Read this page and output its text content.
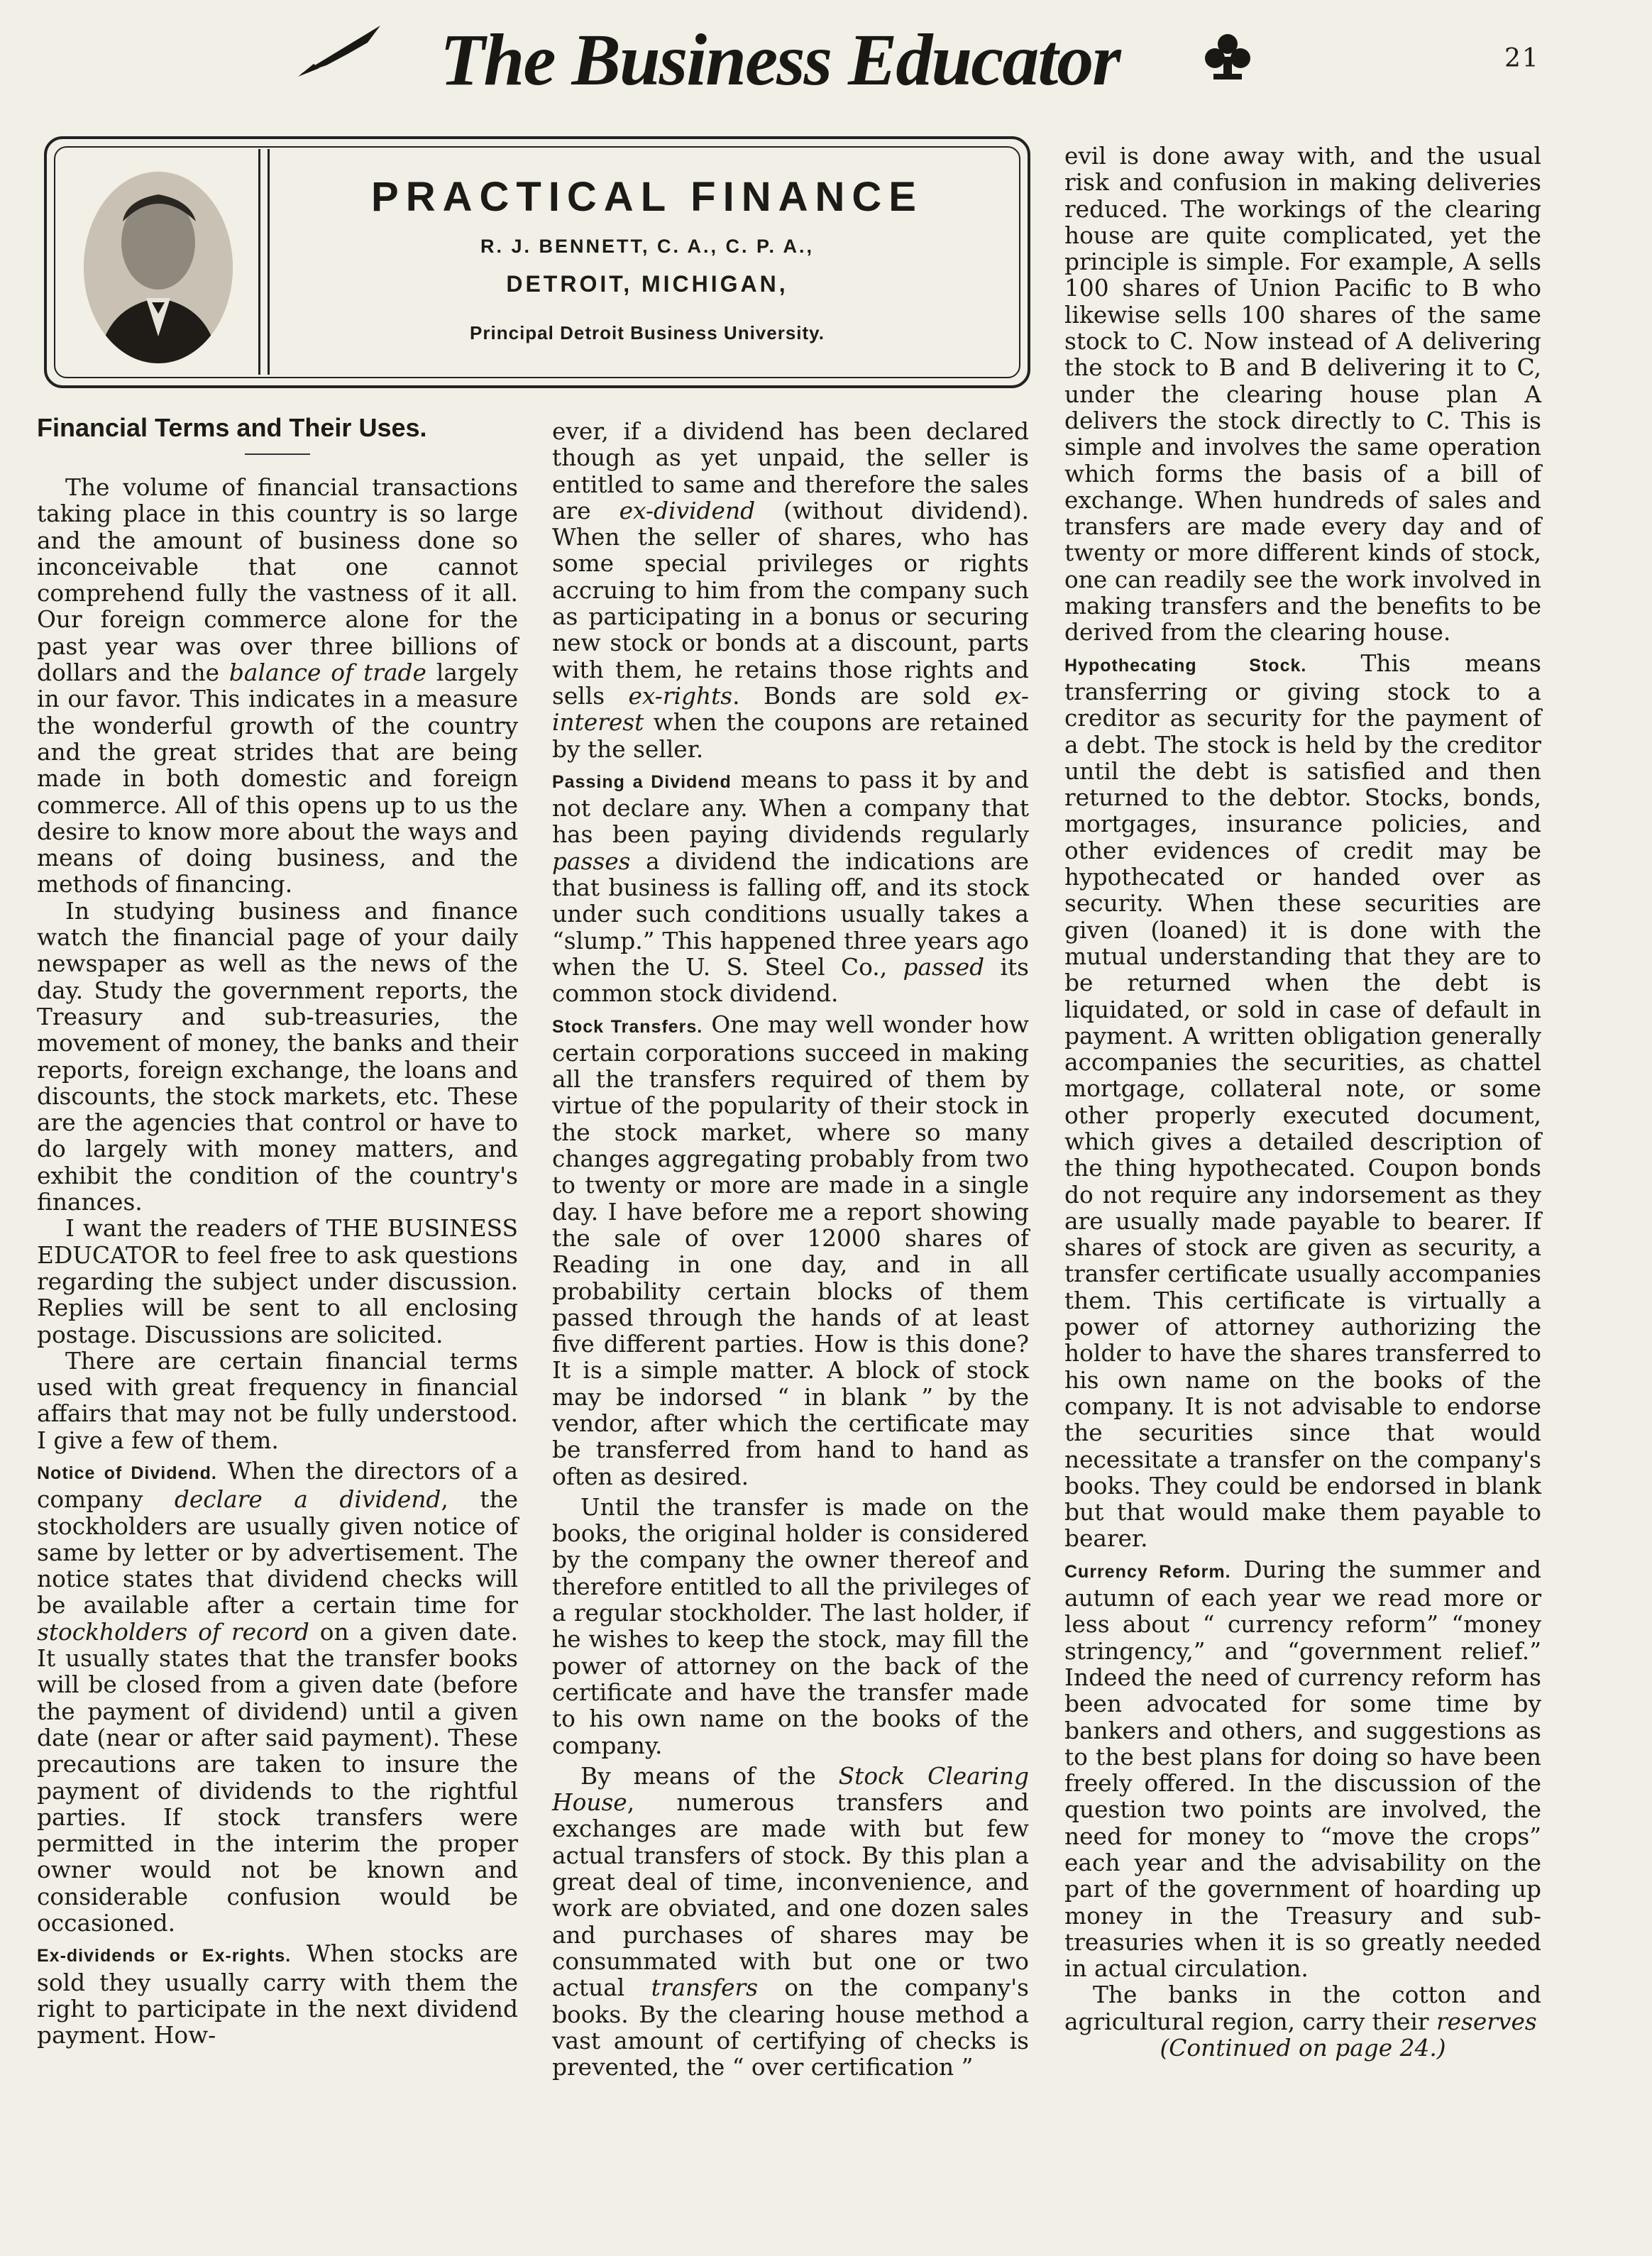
The Business Educator	21
PRACTICAL FINANCE
R. J. BENNETT, C. A., C. P. A.,
DETROIT, MICHIGAN,
Principal Detroit Business University.
Financial Terms and Their Uses.

The volume of financial transactions taking place in this country is so large and the amount of business done so inconceivable that one cannot comprehend fully the vastness of it all. Our foreign commerce alone for the past year was over three billions of dollars and the balance of trade largely in our favor. This indicates in a measure the wonderful growth of the country and the great strides that are being made in both domestic and foreign commerce. All of this opens up to us the desire to know more about the ways and means of doing business, and the methods of financing.

In studying business and finance watch the financial page of your daily newspaper as well as the news of the day. Study the government reports, the Treasury and sub-treasuries, the movement of money, the banks and their reports, foreign exchange, the loans and discounts, the stock markets, etc. These are the agencies that control or have to do largely with money matters, and exhibit the condition of the country's finances.

I want the readers of THE BUSINESS EDUCATOR to feel free to ask questions regarding the subject under discussion. Replies will be sent to all enclosing postage. Discussions are solicited.

There are certain financial terms used with great frequency in financial affairs that may not be fully understood. I give a few of them.

Notice of Dividend. When the directors of a company declare a dividend, the stockholders are usually given notice of same by letter or by advertisement. The notice states that dividend checks will be available after a certain time for stockholders of record on a given date. It usually states that the transfer books will be closed from a given date (before the payment of dividend) until a given date (near or after said payment). These precautions are taken to insure the payment of dividends to the rightful parties. If stock transfers were permitted in the interim the proper owner would not be known and considerable confusion would be occasioned.

Ex-dividends or Ex-rights. When stocks are sold they usually carry with them the right to participate in the next dividend payment. How-

ever, if a dividend has been declared though as yet unpaid, the seller is entitled to same and therefore the sales are ex-dividend (without dividend). When the seller of shares, who has some special privileges or rights accruing to him from the company such as participating in a bonus or securing new stock or bonds at a discount, parts with them, he retains those rights and sells ex-rights. Bonds are sold ex-interest when the coupons are retained by the seller.

Passing a Dividend means to pass it by and not declare any. When a company that has been paying dividends regularly passes a dividend the indications are that business is falling off, and its stock under such conditions usually takes a “slump.” This happened three years ago when the U. S. Steel Co., passed its common stock dividend.

Stock Transfers. One may well wonder how certain corporations succeed in making all the transfers required of them by virtue of the popularity of their stock in the stock market, where so many changes aggregating probably from two to twenty or more are made in a single day. I have before me a report showing the sale of over 12000 shares of Reading in one day, and in all probability certain blocks of them passed through the hands of at least five different parties. How is this done? It is a simple matter. A block of stock may be indorsed “ in blank ” by the vendor, after which the certificate may be transferred from hand to hand as often as desired.

Until the transfer is made on the books, the original holder is considered by the company the owner thereof and therefore entitled to all the privileges of a regular stockholder. The last holder, if he wishes to keep the stock, may fill the power of attorney on the back of the certificate and have the transfer made to his own name on the books of the company.

By means of the Stock Clearing House, numerous transfers and exchanges are made with but few actual transfers of stock. By this plan a great deal of time, inconvenience, and work are obviated, and one dozen sales and purchases of shares may be consummated with but one or two actual transfers on the company's books. By the clearing house method a vast amount of certifying of checks is prevented, the “ over certification ”

evil is done away with, and the usual risk and confusion in making deliveries reduced. The workings of the clearing house are quite complicated, yet the principle is simple. For example, A sells 100 shares of Union Pacific to B who likewise sells 100 shares of the same stock to C. Now instead of A delivering the stock to B and B delivering it to C, under the clearing house plan A delivers the stock directly to C. This is simple and involves the same operation which forms the basis of a bill of exchange. When hundreds of sales and transfers are made every day and of twenty or more different kinds of stock, one can readily see the work involved in making transfers and the benefits to be derived from the clearing house.

Hypothecating Stock. This means transferring or giving stock to a creditor as security for the payment of a debt. The stock is held by the creditor until the debt is satisfied and then returned to the debtor. Stocks, bonds, mortgages, insurance policies, and other evidences of credit may be hypothecated or handed over as security. When these securities are given (loaned) it is done with the mutual understanding that they are to be returned when the debt is liquidated, or sold in case of default in payment. A written obligation generally accompanies the securities, as chattel mortgage, collateral note, or some other properly executed document, which gives a detailed description of the thing hypothecated. Coupon bonds do not require any indorsement as they are usually made payable to bearer. If shares of stock are given as security, a transfer certificate usually accompanies them. This certificate is virtually a power of attorney authorizing the holder to have the shares transferred to his own name on the books of the company. It is not advisable to endorse the securities since that would necessitate a transfer on the company's books. They could be endorsed in blank but that would make them payable to bearer.

Currency Reform. During the summer and autumn of each year we read more or less about “ currency reform” “money stringency,” and “government relief.” Indeed the need of currency reform has been advocated for some time by bankers and others, and suggestions as to the best plans for doing so have been freely offered. In the discussion of the question two points are involved, the need for money to “move the crops” each year and the advisability on the part of the government of hoarding up money in the Treasury and sub-treasuries when it is so greatly needed in actual circulation.

The banks in the cotton and agricultural region, carry their reserves

(Continued on page 24.)
